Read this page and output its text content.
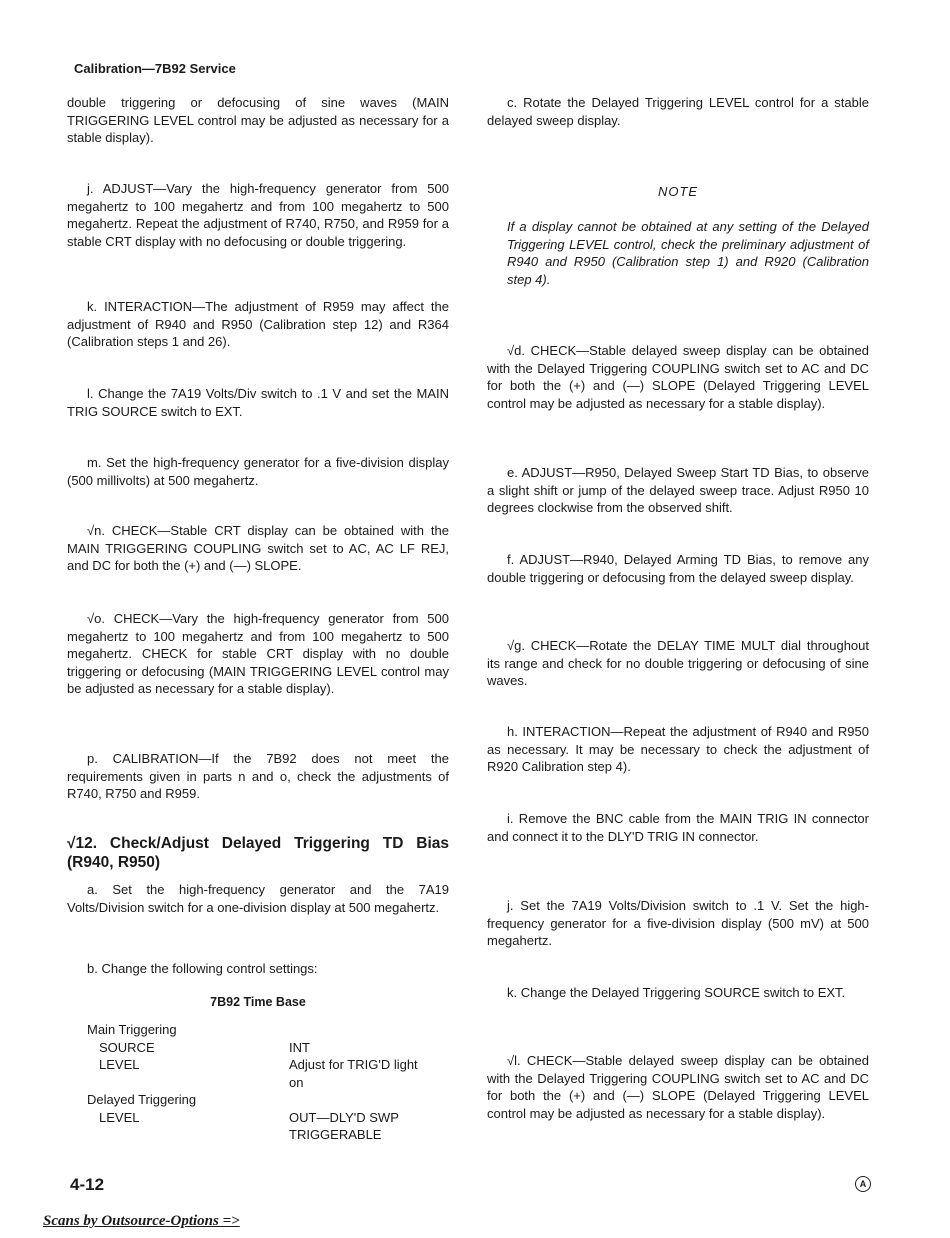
Calibration—7B92 Service

double triggering or defocusing of sine waves (MAIN TRIGGERING LEVEL control may be adjusted as necessary for a stable display).

j. ADJUST—Vary the high-frequency generator from 500 megahertz to 100 megahertz and from 100 megahertz to 500 megahertz. Repeat the adjustment of R740, R750, and R959 for a stable CRT display with no defocusing or double triggering.

k. INTERACTION—The adjustment of R959 may affect the adjustment of R940 and R950 (Calibration step 12) and R364 (Calibration steps 1 and 26).

l. Change the 7A19 Volts/Div switch to .1 V and set the MAIN TRIG SOURCE switch to EXT.

m. Set the high-frequency generator for a five-division display (500 millivolts) at 500 megahertz.

√n. CHECK—Stable CRT display can be obtained with the MAIN TRIGGERING COUPLING switch set to AC, AC LF REJ, and DC for both the (+) and (—) SLOPE.

√o. CHECK—Vary the high-frequency generator from 500 megahertz to 100 megahertz and from 100 megahertz to 500 megahertz. CHECK for stable CRT display with no double triggering or defocusing (MAIN TRIGGERING LEVEL control may be adjusted as necessary for a stable display).

p. CALIBRATION—If the 7B92 does not meet the requirements given in parts n and o, check the adjustments of R740, R750 and R959.

√12. Check/Adjust Delayed Triggering TD Bias (R940, R950)

a. Set the high-frequency generator and the 7A19 Volts/Division switch for a one-division display at 500 megahertz.

b. Change the following control settings:

7B92 Time Base

Main Triggering
SOURCE	INT
LEVEL	Adjust for TRIG'D light on
Delayed Triggering
LEVEL	OUT—DLY'D SWP TRIGGERABLE

c. Rotate the Delayed Triggering LEVEL control for a stable delayed sweep display.

NOTE

If a display cannot be obtained at any setting of the Delayed Triggering LEVEL control, check the preliminary adjustment of R940 and R950 (Calibration step 1) and R920 (Calibration step 4).

√d. CHECK—Stable delayed sweep display can be obtained with the Delayed Triggering COUPLING switch set to AC and DC for both the (+) and (—) SLOPE (Delayed Triggering LEVEL control may be adjusted as necessary for a stable display).

e. ADJUST—R950, Delayed Sweep Start TD Bias, to observe a slight shift or jump of the delayed sweep trace. Adjust R950 10 degrees clockwise from the observed shift.

f. ADJUST—R940, Delayed Arming TD Bias, to remove any double triggering or defocusing from the delayed sweep display.

√g. CHECK—Rotate the DELAY TIME MULT dial throughout its range and check for no double triggering or defocusing of sine waves.

h. INTERACTION—Repeat the adjustment of R940 and R950 as necessary. It may be necessary to check the adjustment of R920 Calibration step 4).

i. Remove the BNC cable from the MAIN TRIG IN connector and connect it to the DLY'D TRIG IN connector.

j. Set the 7A19 Volts/Division switch to .1 V. Set the high-frequency generator for a five-division display (500 mV) at 500 megahertz.

k. Change the Delayed Triggering SOURCE switch to EXT.

√l. CHECK—Stable delayed sweep display can be obtained with the Delayed Triggering COUPLING switch set to AC and DC for both the (+) and (—) SLOPE (Delayed Triggering LEVEL control may be adjusted as necessary for a stable display).

4-12	A
Scans by Outsource-Options =>
